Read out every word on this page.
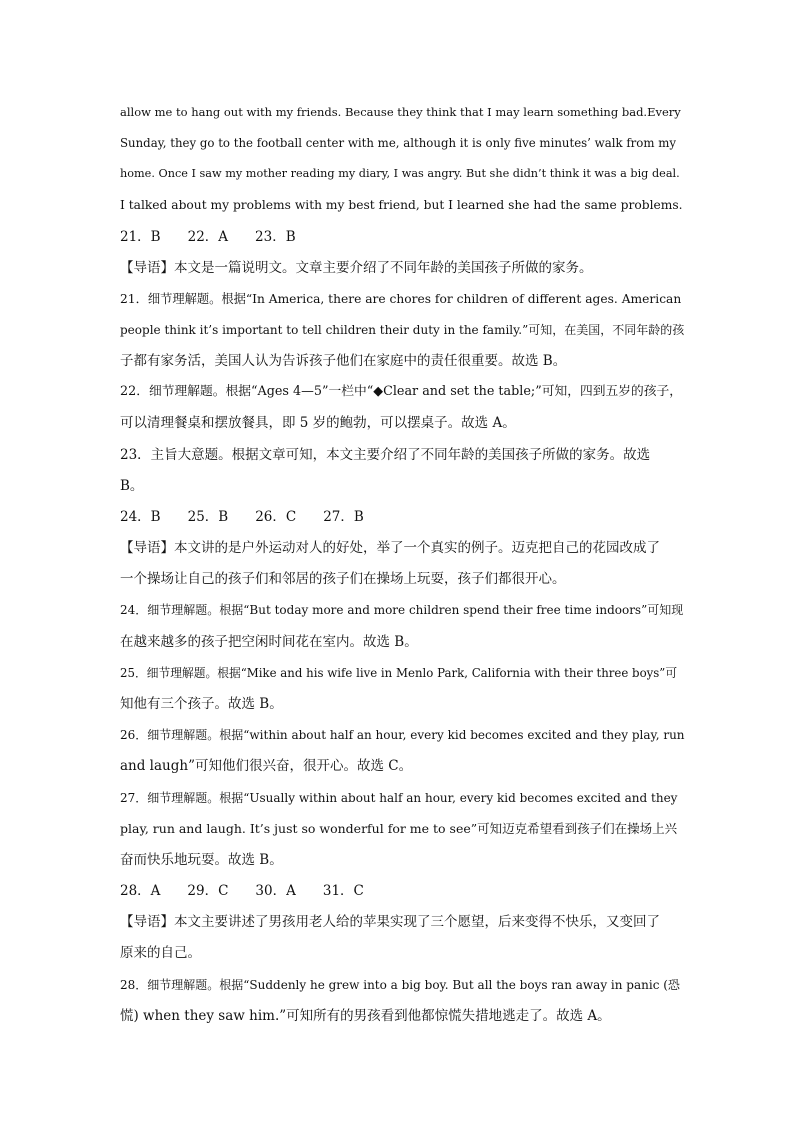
allow me to hang out with my friends. Because they think that I may learn something bad.Every
Sunday, they go to the football center with me, although it is only five minutes’ walk from my
home. Once I saw my mother reading my diary, I was angry. But she didn’t think it was a big deal.
I talked about my problems with my best friend, but I learned she had the same problems.
21．B　　22．A　　23．B
【导语】本文是一篇说明文。文章主要介绍了不同年龄的美国孩子所做的家务。
21．细节理解题。根据“In America, there are chores for children of different ages. American
people think it’s important to tell children their duty in the family.”可知，在美国，不同年龄的孩
子都有家务活，美国人认为告诉孩子他们在家庭中的责任很重要。故选 B。
22．细节理解题。根据“Ages 4—5”一栏中“◆Clear and set the table;”可知，四到五岁的孩子，
可以清理餐桌和摆放餐具，即 5 岁的鲍勃，可以摆桌子。故选 A。
23．主旨大意题。根据文章可知，本文主要介绍了不同年龄的美国孩子所做的家务。故选
B。
24．B　　25．B　　26．C　　27．B
【导语】本文讲的是户外运动对人的好处，举了一个真实的例子。迈克把自己的花园改成了
一个操场让自己的孩子们和邻居的孩子们在操场上玩耍，孩子们都很开心。
24．细节理解题。根据“But today more and more children spend their free time indoors”可知现
在越来越多的孩子把空闲时间花在室内。故选 B。
25．细节理解题。根据“Mike and his wife live in Menlo Park, California with their three boys”可
知他有三个孩子。故选 B。
26．细节理解题。根据“within about half an hour, every kid becomes excited and they play, run
and laugh”可知他们很兴奋，很开心。故选 C。
27．细节理解题。根据“Usually within about half an hour, every kid becomes excited and they
play, run and laugh. It’s just so wonderful for me to see”可知迈克希望看到孩子们在操场上兴
奋而快乐地玩耍。故选 B。
28．A　　29．C　　30．A　　31．C
【导语】本文主要讲述了男孩用老人给的苹果实现了三个愿望，后来变得不快乐，又变回了
原来的自己。
28．细节理解题。根据“Suddenly he grew into a big boy. But all the boys ran away in panic (恐
慌) when they saw him.”可知所有的男孩看到他都惊慌失措地逃走了。故选 A。
